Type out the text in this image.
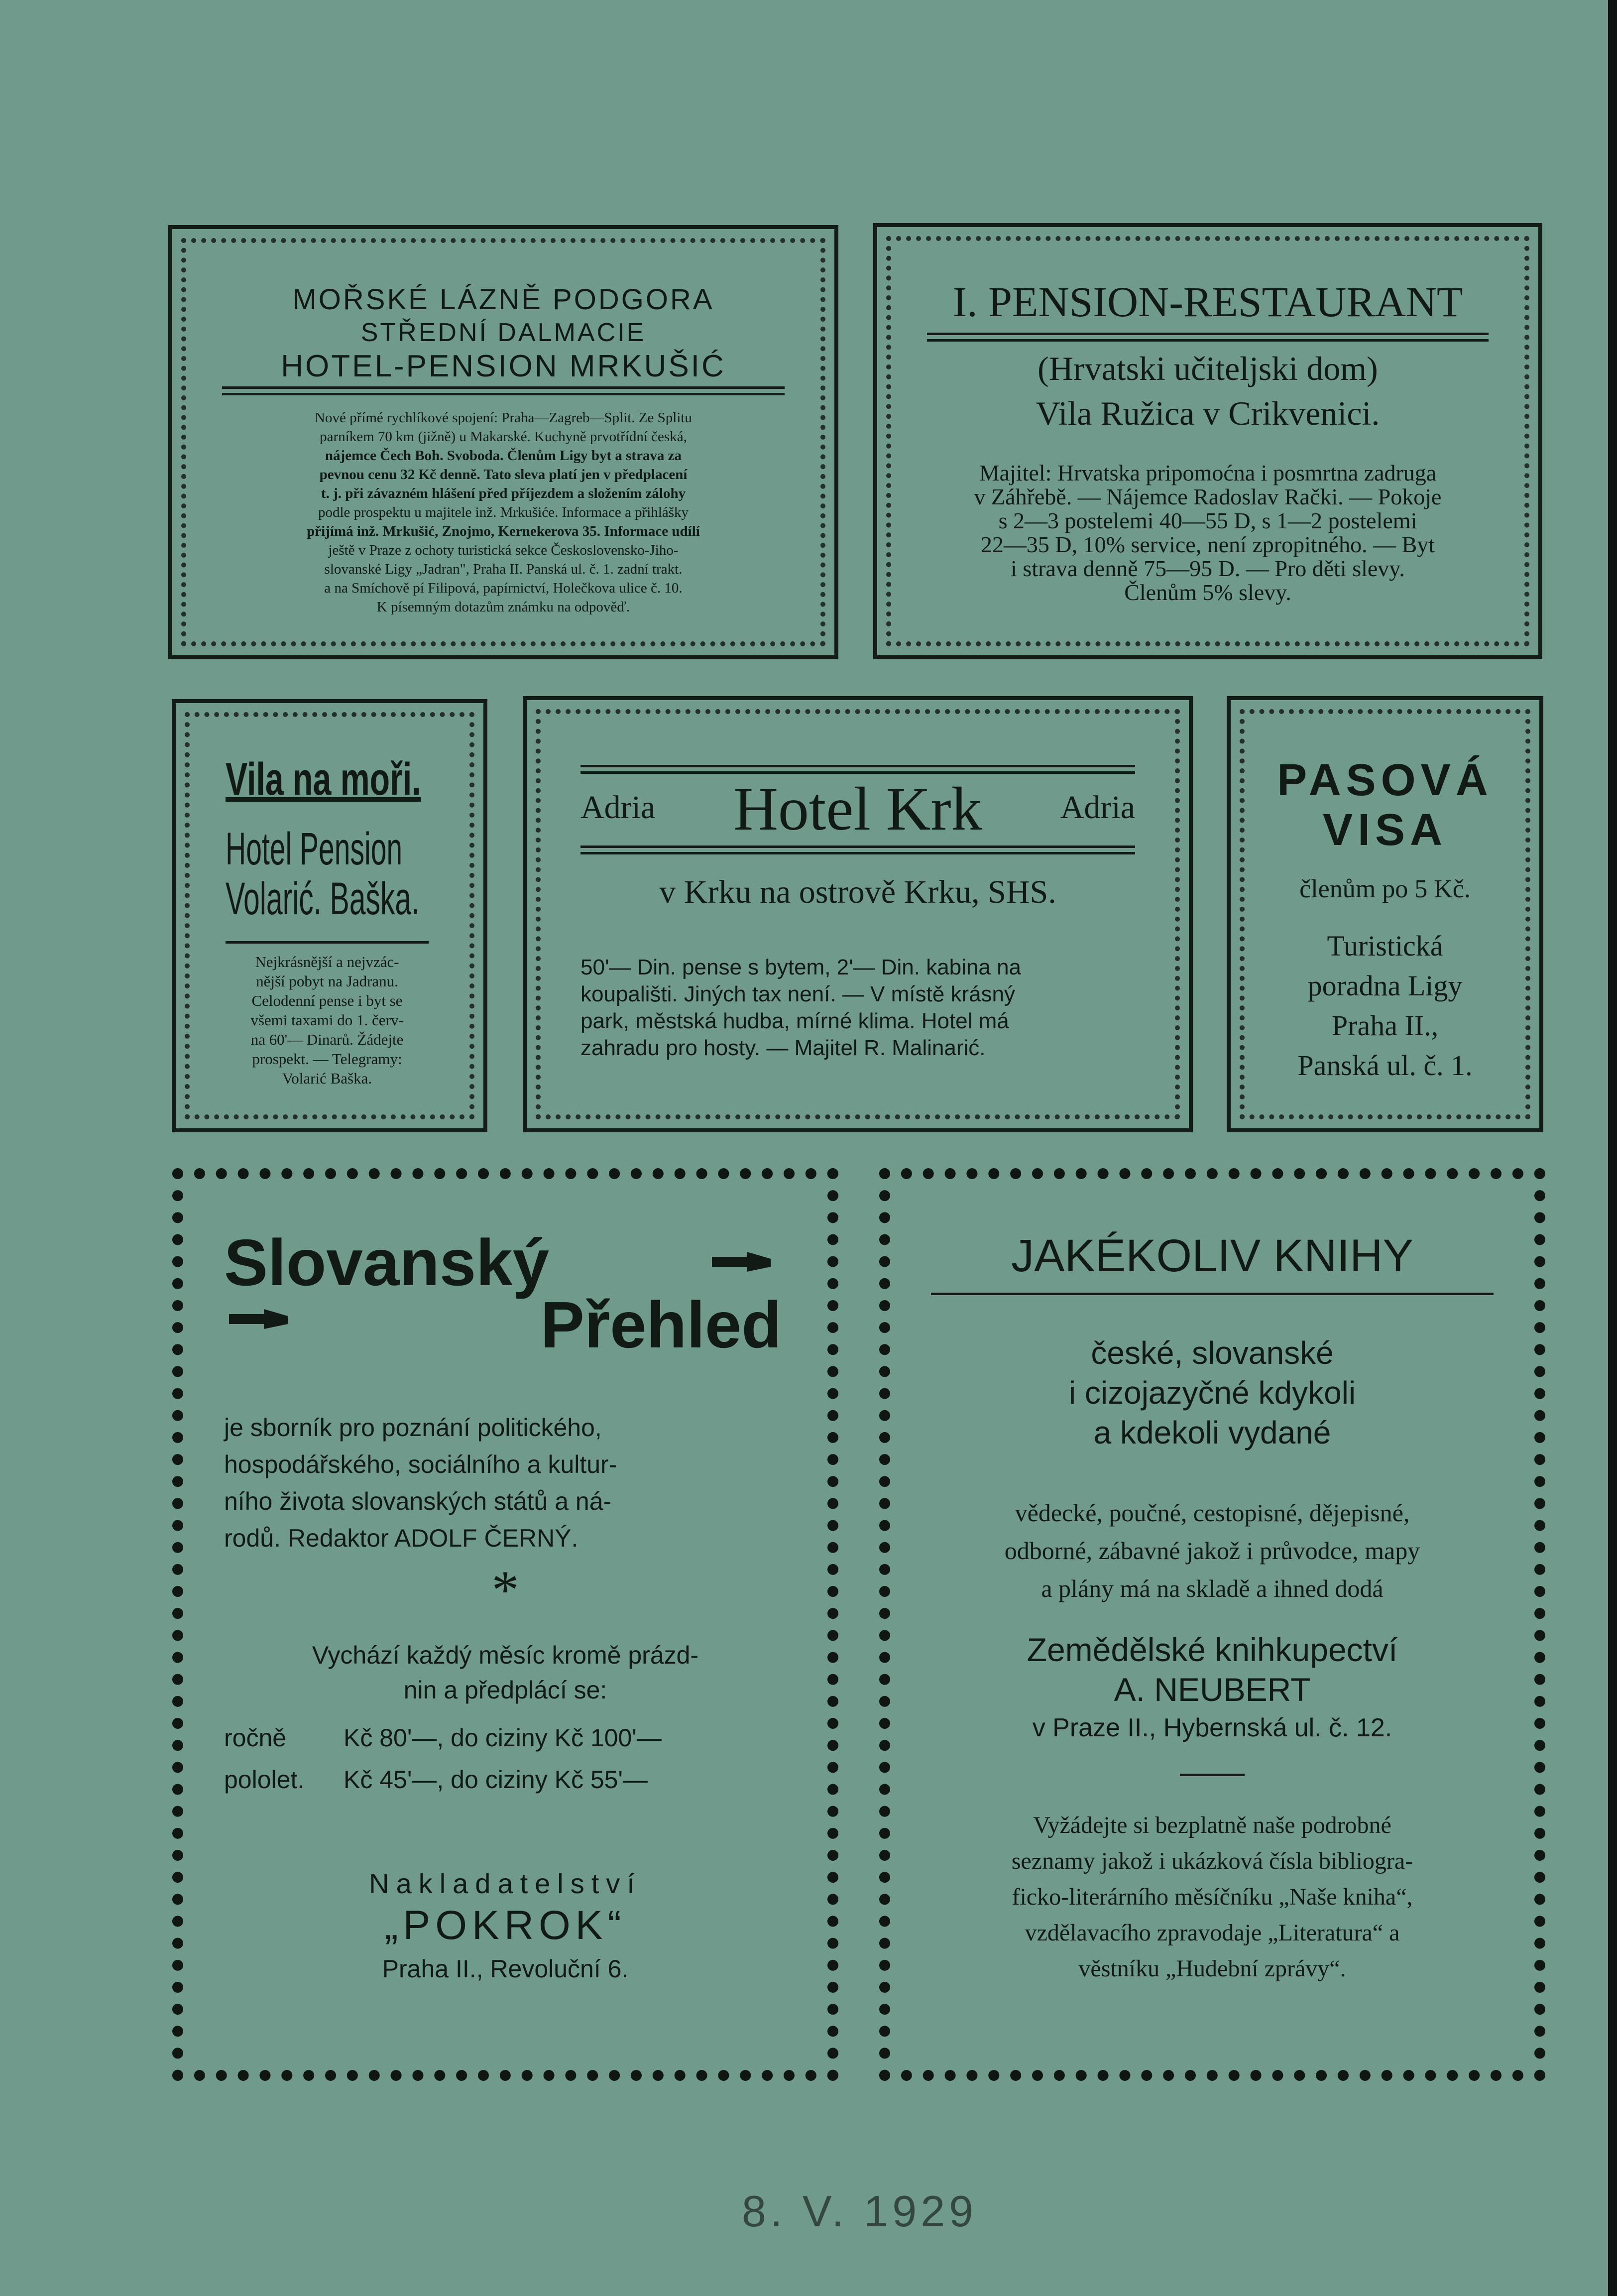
MOŘSKÉ LÁZNĚ PODGORA
STŘEDNÍ DALMACIE
HOTEL-PENSION MRKUŠIĆ
Nové přímé rychlíkové spojení: Praha—Zagreb—Split. Ze Splitu
parníkem 70 km (jižně) u Makarské. Kuchyně prvotřídní česká,
nájemce Čech Boh. Svoboda. Členům Ligy byt a strava za
pevnou cenu 32 Kč denně. Tato sleva platí jen v předplacení
t. j. při závazném hlášení před příjezdem a složením zálohy
podle prospektu u majitele inž. Mrkušiće. Informace a přihlášky
přijímá inž. Mrkušić, Znojmo, Kernekerova 35. Informace udílí
ještě v Praze z ochoty turistická sekce Československo-Jiho-
slovanské Ligy „Jadran", Praha II. Panská ul. č. 1. zadní trakt.
a na Smíchově pí Filipová, papírnictví, Holečkova ulice č. 10.
K písemným dotazům známku na odpověď.
I. PENSION-RESTAURANT
(Hrvatski učiteljski dom)
Vila Ružica v Crikvenici.
Majitel: Hrvatska pripomoćna i posmrtna zadruga
v Záhřebě. — Nájemce Radoslav Rački. — Pokoje
s 2—3 postelemi 40—55 D, s 1—2 postelemi
22—35 D, 10% service, není zpropitného. — Byt
i strava denně 75—95 D. — Pro děti slevy.
Členům 5% slevy.
Vila na moři.
Hotel Pension
Volarić. Baška.
Nejkrásnější a nejvzác-
nější pobyt na Jadranu.
Celodenní pense i byt se
všemi taxami do 1. červ-
na 60'— Dinarů. Žádejte
prospekt. — Telegramy:
Volarić Baška.
Adria	Hotel Krk	Adria
v Krku na ostrově Krku, SHS.
50'— Din. pense s bytem, 2'— Din. kabina na
koupališti. Jiných tax není. — V místě krásný
park, městská hudba, mírné klima. Hotel má
zahradu pro hosty. — Majitel R. Malinarić.
PASOVÁ
VISA
členům po 5 Kč.
Turistická
poradna Ligy
Praha II.,
Panská ul. č. 1.
Slovanský
Přehled
je sborník pro poznání politického,
hospodářského, sociálního a kultur-
ního života slovanských států a ná-
rodů. Redaktor ADOLF ČERNÝ.
*
Vychází každý měsíc kromě prázd-
nin a předplácí se:
ročně	Kč 80'—, do ciziny Kč 100'—
pololet.	Kč 45'—, do ciziny Kč 55'—
Nakladatelství
„POKROK“
Praha II., Revoluční 6.
JAKÉKOLIV KNIHY
české, slovanské
i cizojazyčné kdykoli
a kdekoli vydané
vědecké, poučné, cestopisné, dějepisné,
odborné, zábavné jakož i průvodce, mapy
a plány má na skladě a ihned dodá
Zemědělské knihkupectví
A. NEUBERT
v Praze II., Hybernská ul. č. 12.
Vyžádejte si bezplatně naše podrobné
seznamy jakož i ukázková čísla bibliogra-
ficko-literárního měsíčníku „Naše kniha“,
vzdělavacího zpravodaje „Literatura“ a
věstníku „Hudební zprávy“.
8. V. 1929
